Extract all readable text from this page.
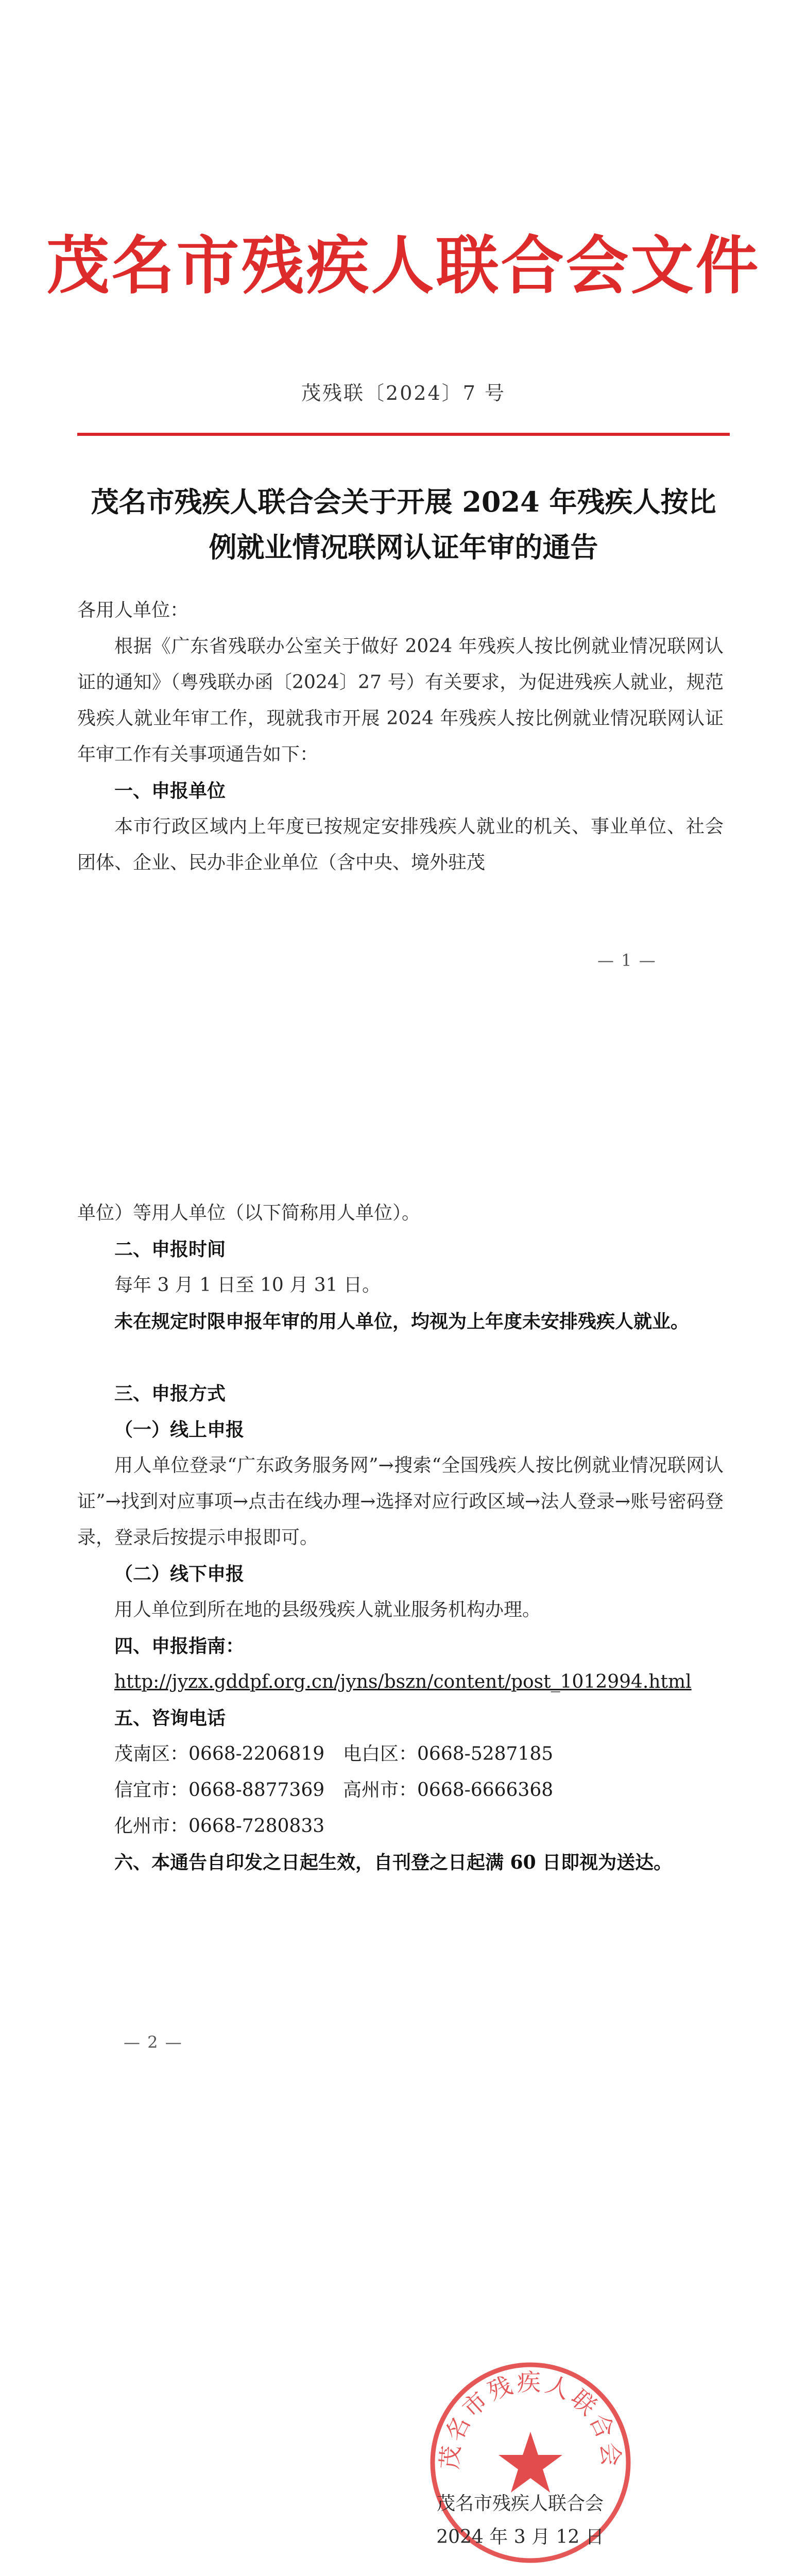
茂名市残疾人联合会文件
茂残联〔2024〕7 号
茂名市残疾人联合会关于开展 2024 年残疾人按比例就业情况联网认证年审的通告
各用人单位：
根据《广东省残联办公室关于做好 2024 年残疾人按比例就业情况联网认证的通知》（粤残联办函〔2024〕27 号）有关要求，为促进残疾人就业，规范残疾人就业年审工作，现就我市开展 2024 年残疾人按比例就业情况联网认证年审工作有关事项通告如下：
一、申报单位
本市行政区域内上年度已按规定安排残疾人就业的机关、事业单位、社会团体、企业、民办非企业单位（含中央、境外驻茂
— 1 —
单位）等用人单位（以下简称用人单位）。
二、申报时间
每年 3 月 1 日至 10 月 31 日。
未在规定时限申报年审的用人单位，均视为上年度未安排残疾人就业。
三、申报方式
（一）线上申报
用人单位登录“广东政务服务网”→搜索“全国残疾人按比例就业情况联网认证”→找到对应事项→点击在线办理→选择对应行政区域→法人登录→账号密码登录，登录后按提示申报即可。
（二）线下申报
用人单位到所在地的县级残疾人就业服务机构办理。
四、申报指南：
http://jyzx.gddpf.org.cn/jyns/bszn/content/post_1012994.html
五、咨询电话
茂南区：0668-2206819 电白区：0668-5287185
信宜市：0668-8877369 高州市：0668-6666368
化州市：0668-7280833
六、本通告自印发之日起生效，自刊登之日起满 60 日即视为送达。
— 2 —
茂名市残疾人联合会
茂名市残疾人联合会
2024 年 3 月 12 日
